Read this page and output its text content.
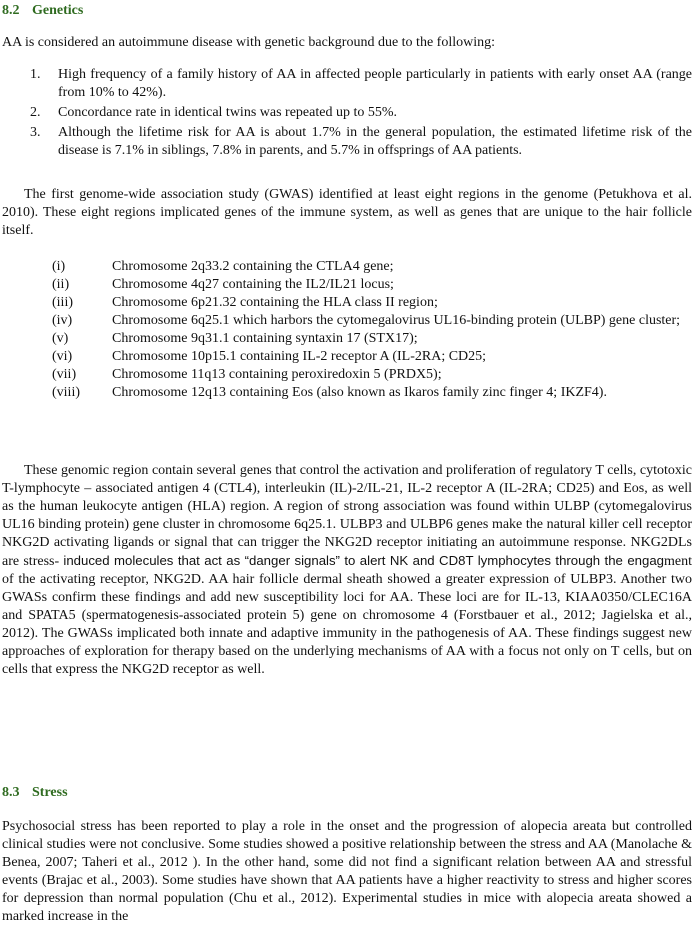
8.2 Genetics
AA is considered an autoimmune disease with genetic background due to the following:
1.	High frequency of a family history of AA in affected people particularly in patients with early onset AA (range from 10% to 42%).
2.	Concordance rate in identical twins was repeated up to 55%.
3.	Although the lifetime risk for AA is about 1.7% in the general population, the estimated lifetime risk of the disease is 7.1% in siblings, 7.8% in parents, and 5.7% in offsprings of AA patients.
The first genome-wide association study (GWAS) identified at least eight regions in the genome (Petukhova et al. 2010). These eight regions implicated genes of the immune system, as well as genes that are unique to the hair follicle itself.
(i)	Chromosome 2q33.2 containing the CTLA4 gene;
(ii)	Chromosome 4q27 containing the IL2/IL21 locus;
(iii)	Chromosome 6p21.32 containing the HLA class II region;
(iv)	Chromosome 6q25.1 which harbors the cytomegalovirus UL16-binding protein (ULBP) gene cluster;
(v)	Chromosome 9q31.1 containing syntaxin 17 (STX17);
(vi)	Chromosome 10p15.1 containing IL-2 receptor A (IL-2RA; CD25;
(vii)	Chromosome 11q13 containing peroxiredoxin 5 (PRDX5);
(viii) Chromosome 12q13 containing Eos (also known as Ikaros family zinc finger 4; IKZF4).
These genomic region contain several genes that control the activation and proliferation of regulatory T cells, cytotoxic T-lymphocyte – associated antigen 4 (CTL4), interleukin (IL)-2/IL-21, IL-2 receptor A (IL-2RA; CD25) and Eos, as well as the human leukocyte antigen (HLA) region. A region of strong association was found within ULBP (cytomegalovirus UL16 binding protein) gene cluster in chromosome 6q25.1. ULBP3 and ULBP6 genes make the natural killer cell receptor NKG2D activating ligands or signal that can trigger the NKG2D receptor initiating an autoimmune response. NKG2DLs are stress- induced molecules that act as “danger signals” to alert NK and CD8T lymphocytes through the engagment of the activating receptor, NKG2D. AA hair follicle dermal sheath showed a greater expression of ULBP3. Another two GWASs confirm these findings and add new susceptibility loci for AA. These loci are for IL-13, KIAA0350/CLEC16A and SPATA5 (spermatogenesis-associated protein 5) gene on chromosome 4 (Forstbauer et al., 2012; Jagielska et al., 2012). The GWASs implicated both innate and adaptive immunity in the pathogenesis of AA. These findings suggest new approaches of exploration for therapy based on the underlying mechanisms of AA with a focus not only on T cells, but on cells that express the NKG2D receptor as well.
8.3 Stress
Psychosocial stress has been reported to play a role in the onset and the progression of alopecia areata but controlled clinical studies were not conclusive. Some studies showed a positive relationship between the stress and AA (Manolache & Benea, 2007; Taheri et al., 2012 ). In the other hand, some did not find a significant relation between AA and stressful events (Brajac et al., 2003). Some studies have shown that AA patients have a higher reactivity to stress and higher scores for depression than normal population (Chu et al., 2012). Experimental studies in mice with alopecia areata showed a marked increase in the
